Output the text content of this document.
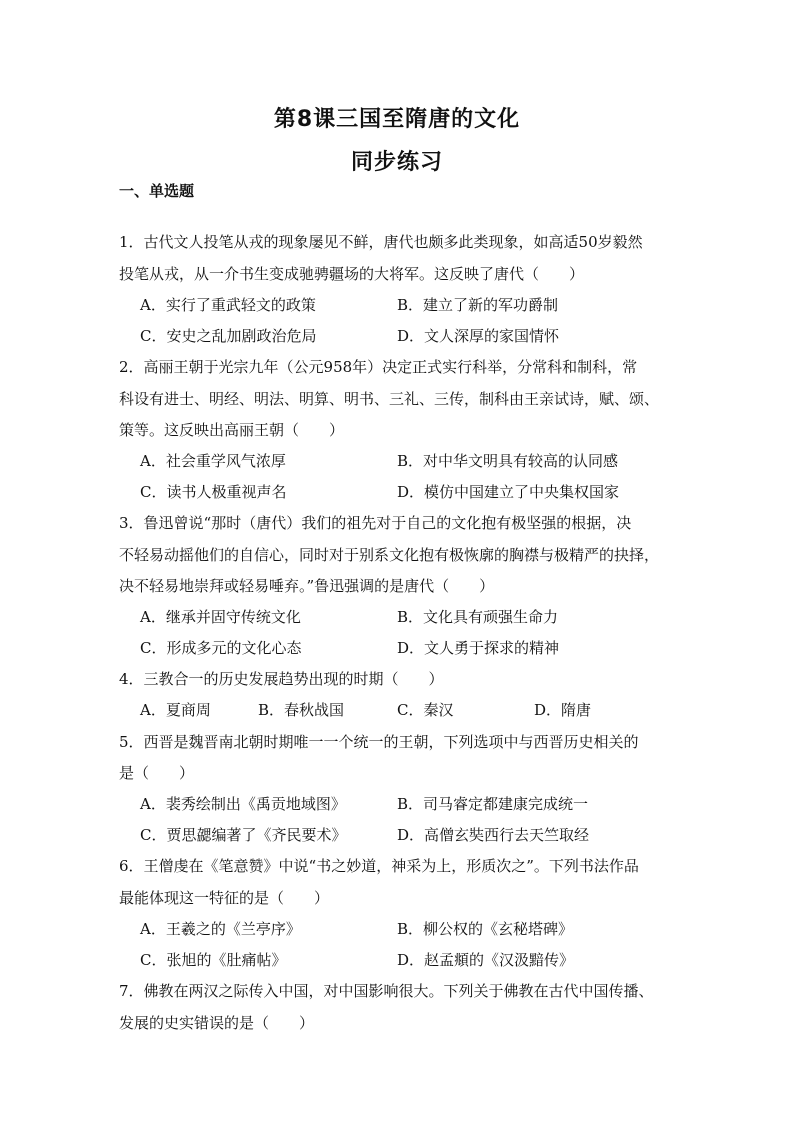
第8课三国至隋唐的文化
同步练习
一、单选题
1．古代文人投笔从戎的现象屡见不鲜，唐代也颇多此类现象，如高适50岁毅然
投笔从戎，从一介书生变成驰骋疆场的大将军。这反映了唐代（　　）
A．实行了重武轻文的政策	B．建立了新的军功爵制
C．安史之乱加剧政治危局	D．文人深厚的家国情怀
2．高丽王朝于光宗九年（公元958年）决定正式实行科举，分常科和制科，常
科设有进士、明经、明法、明算、明书、三礼、三传，制科由王亲试诗，赋、颂、
策等。这反映出高丽王朝（　　）
A．社会重学风气浓厚	B．对中华文明具有较高的认同感
C．读书人极重视声名	D．模仿中国建立了中央集权国家
3．鲁迅曾说“那时（唐代）我们的祖先对于自己的文化抱有极坚强的根据，决
不轻易动摇他们的自信心，同时对于别系文化抱有极恢廓的胸襟与极精严的抉择，
决不轻易地崇拜或轻易唾弃。”鲁迅强调的是唐代（　　）
A．继承并固守传统文化	B．文化具有顽强生命力
C．形成多元的文化心态	D．文人勇于探求的精神
4．三教合一的历史发展趋势出现的时期（　　）
A．夏商周	B．春秋战国	C．秦汉	D．隋唐
5．西晋是魏晋南北朝时期唯一一个统一的王朝，下列选项中与西晋历史相关的
是（　　）
A．裴秀绘制出《禹贡地域图》	B．司马睿定都建康完成统一
C．贾思勰编著了《齐民要术》	D．高僧玄奘西行去天竺取经
6．王僧虔在《笔意赞》中说“书之妙道，神采为上，形质次之”。下列书法作品
最能体现这一特征的是（　　）
A．王羲之的《兰亭序》	B．柳公权的《玄秘塔碑》
C．张旭的《肚痛帖》	D．赵孟頫的《汉汲黯传》
7．佛教在两汉之际传入中国，对中国影响很大。下列关于佛教在古代中国传播、
发展的史实错误的是（　　）
